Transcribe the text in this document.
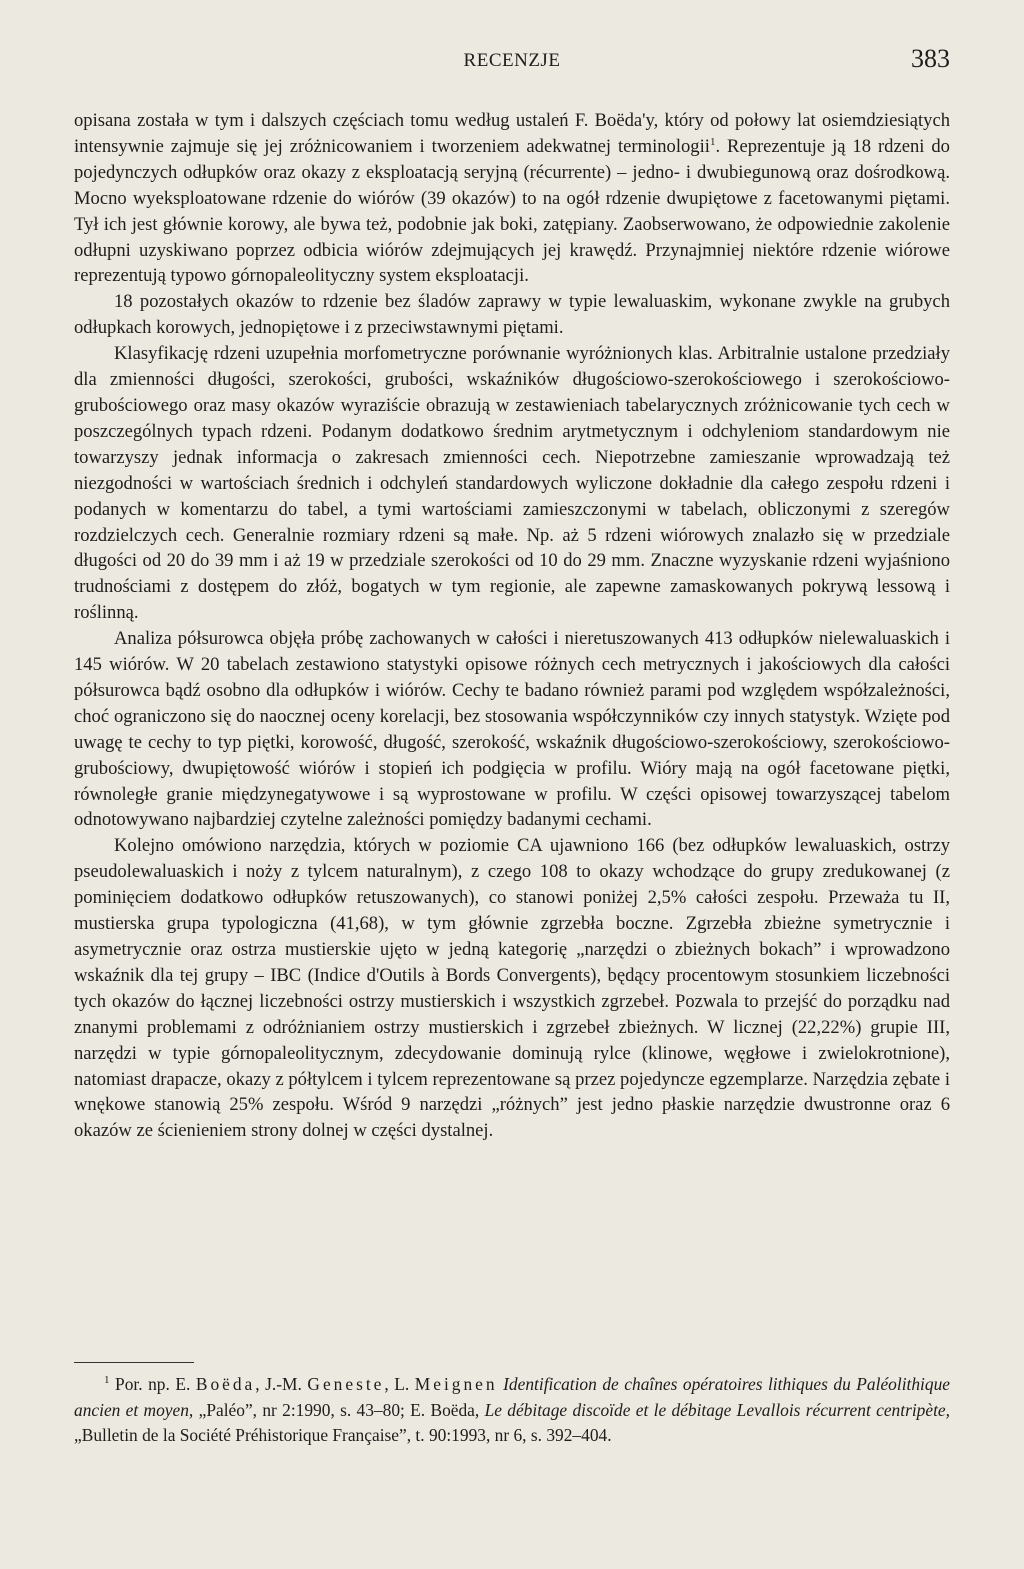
RECENZJE	383

opisana została w tym i dalszych częściach tomu według ustaleń F. Boëda'y, który od połowy lat osiemdziesiątych intensywnie zajmuje się jej zróżnicowaniem i tworzeniem adekwatnej terminologii$^1$. Reprezentuje ją 18 rdzeni do pojedynczych odłupków oraz okazy z eksploatacją seryjną (récurrente) – jedno- i dwubiegunową oraz dośrodkową. Mocno wyeksploatowane rdzenie do wiórów (39 okazów) to na ogół rdzenie dwupiętowe z facetowanymi piętami. Tył ich jest głównie korowy, ale bywa też, podobnie jak boki, zatępiany. Zaobserwowano, że odpowiednie zakolenie odłupni uzyskiwano poprzez odbicia wiórów zdejmujących jej krawędź. Przynajmniej niektóre rdzenie wiórowe reprezentują typowo górnopaleolityczny system eksploatacji.

18 pozostałych okazów to rdzenie bez śladów zaprawy w typie lewaluaskim, wykonane zwykle na grubych odłupkach korowych, jednopiętowe i z przeciwstawnymi piętami.

Klasyfikację rdzeni uzupełnia morfometryczne porównanie wyróżnionych klas. Arbitralnie ustalone przedziały dla zmienności długości, szerokości, grubości, wskaźników długościowo-szerokościowego i szerokościowo-grubościowego oraz masy okazów wyraziście obrazują w zestawieniach tabelarycznych zróżnicowanie tych cech w poszczególnych typach rdzeni. Podanym dodatkowo średnim arytmetycznym i odchyleniom standardowym nie towarzyszy jednak informacja o zakresach zmienności cech. Niepotrzebne zamieszanie wprowadzają też niezgodności w wartościach średnich i odchyleń standardowych wyliczone dokładnie dla całego zespołu rdzeni i podanych w komentarzu do tabel, a tymi wartościami zamieszczonymi w tabelach, obliczonymi z szeregów rozdzielczych cech. Generalnie rozmiary rdzeni są małe. Np. aż 5 rdzeni wiórowych znalazło się w przedziale długości od 20 do 39 mm i aż 19 w przedziale szerokości od 10 do 29 mm. Znaczne wyzyskanie rdzeni wyjaśniono trudnościami z dostępem do złóż, bogatych w tym regionie, ale zapewne zamaskowanych pokrywą lessową i roślinną.

Analiza półsurowca objęła próbę zachowanych w całości i nieretuszowanych 413 odłupków nielewaluaskich i 145 wiórów. W 20 tabelach zestawiono statystyki opisowe różnych cech metrycznych i jakościowych dla całości półsurowca bądź osobno dla odłupków i wiórów. Cechy te badano również parami pod względem współzależności, choć ograniczono się do naocznej oceny korelacji, bez stosowania współczynników czy innych statystyk. Wzięte pod uwagę te cechy to typ piętki, korowość, długość, szerokość, wskaźnik długościowo-szerokościowy, szerokościowo-grubościowy, dwupiętowość wiórów i stopień ich podgięcia w profilu. Wióry mają na ogół facetowane piętki, równoległe granie międzynegatywowe i są wyprostowane w profilu. W części opisowej towarzyszącej tabelom odnotowywano najbardziej czytelne zależności pomiędzy badanymi cechami.

Kolejno omówiono narzędzia, których w poziomie CA ujawniono 166 (bez odłupków lewaluaskich, ostrzy pseudolewaluaskich i noży z tylcem naturalnym), z czego 108 to okazy wchodzące do grupy zredukowanej (z pominięciem dodatkowo odłupków retuszowanych), co stanowi poniżej 2,5% całości zespołu. Przeważa tu II, mustierska grupa typologiczna (41,68), w tym głównie zgrzebła boczne. Zgrzebła zbieżne symetrycznie i asymetrycznie oraz ostrza mustierskie ujęto w jedną kategorię „narzędzi o zbieżnych bokach” i wprowadzono wskaźnik dla tej grupy – IBC (Indice d'Outils à Bords Convergents), będący procentowym stosunkiem liczebności tych okazów do łącznej liczebności ostrzy mustierskich i wszystkich zgrzebeł. Pozwala to przejść do porządku nad znanymi problemami z odróżnianiem ostrzy mustierskich i zgrzebeł zbieżnych. W licznej (22,22%) grupie III, narzędzi w typie górnopaleolitycznym, zdecydowanie dominują rylce (klinowe, węgłowe i zwielokrotnione), natomiast drapacze, okazy z półtylcem i tylcem reprezentowane są przez pojedyncze egzemplarze. Narzędzia zębate i wnękowe stanowią 25% zespołu. Wśród 9 narzędzi „różnych” jest jedno płaskie narzędzie dwustronne oraz 6 okazów ze ścienieniem strony dolnej w części dystalnej.

$^1$ Por. np. E. Boëda, J.-M. Geneste, L. Meignen Identification de chaînes opératoires lithiques du Paléolithique ancien et moyen, „Paléo”, nr 2:1990, s. 43–80; E. Boëda, Le débitage discoïde et le débitage Levallois récurrent centripète, „Bulletin de la Société Préhistorique Française”, t. 90:1993, nr 6, s. 392–404.
